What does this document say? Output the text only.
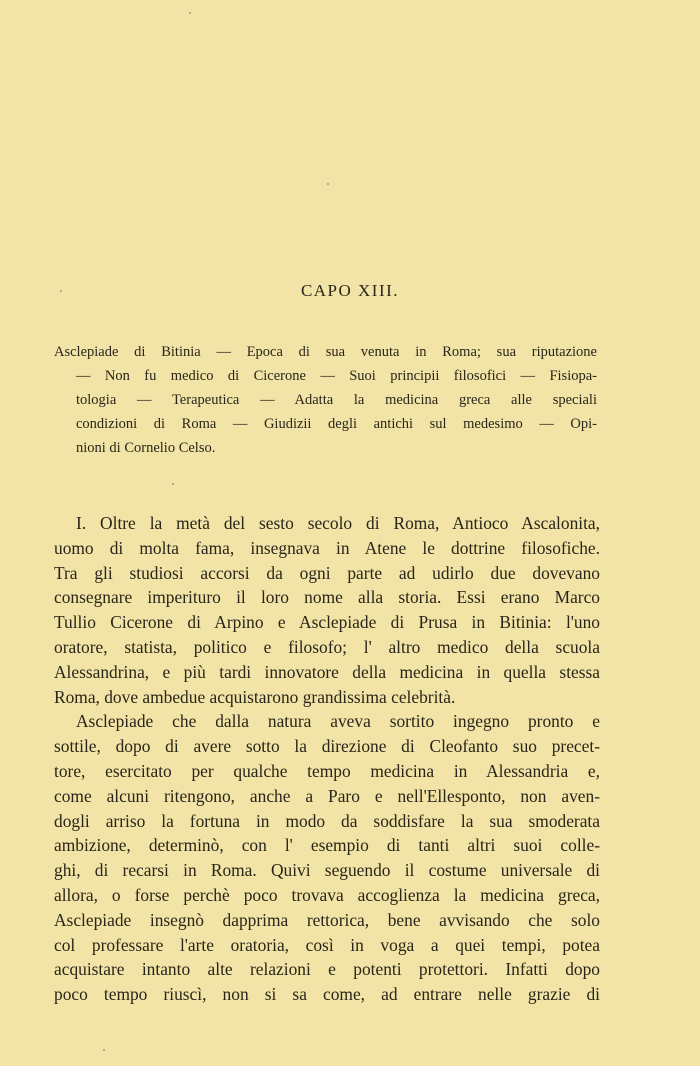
CAPO XIII.
Asclepiade di Bitinia — Epoca di sua venuta in Roma; sua riputazione
— Non fu medico di Cicerone — Suoi principii filosofici — Fisiopa-
tologia — Terapeutica — Adatta la medicina greca alle speciali
condizioni di Roma — Giudizii degli antichi sul medesimo — Opi-
nioni di Cornelio Celso.
I. Oltre la metà del sesto secolo di Roma, Antioco Ascalonita,
uomo di molta fama, insegnava in Atene le dottrine filosofiche.
Tra gli studiosi accorsi da ogni parte ad udirlo due dovevano
consegnare imperituro il loro nome alla storia. Essi erano Marco
Tullio Cicerone di Arpino e Asclepiade di Prusa in Bitinia: l'uno
oratore, statista, politico e filosofo; l' altro medico della scuola
Alessandrina, e più tardi innovatore della medicina in quella stessa
Roma, dove ambedue acquistarono grandissima celebrità.
Asclepiade che dalla natura aveva sortito ingegno pronto e
sottile, dopo di avere sotto la direzione di Cleofanto suo precet-
tore, esercitato per qualche tempo medicina in Alessandria e,
come alcuni ritengono, anche a Paro e nell'Ellesponto, non aven-
dogli arriso la fortuna in modo da soddisfare la sua smoderata
ambizione, determinò, con l' esempio di tanti altri suoi colle-
ghi, di recarsi in Roma. Quivi seguendo il costume universale di
allora, o forse perchè poco trovava accoglienza la medicina greca,
Asclepiade insegnò dapprima rettorica, bene avvisando che solo
col professare l'arte oratoria, così in voga a quei tempi, potea
acquistare intanto alte relazioni e potenti protettori. Infatti dopo
poco tempo riuscì, non si sa come, ad entrare nelle grazie di
